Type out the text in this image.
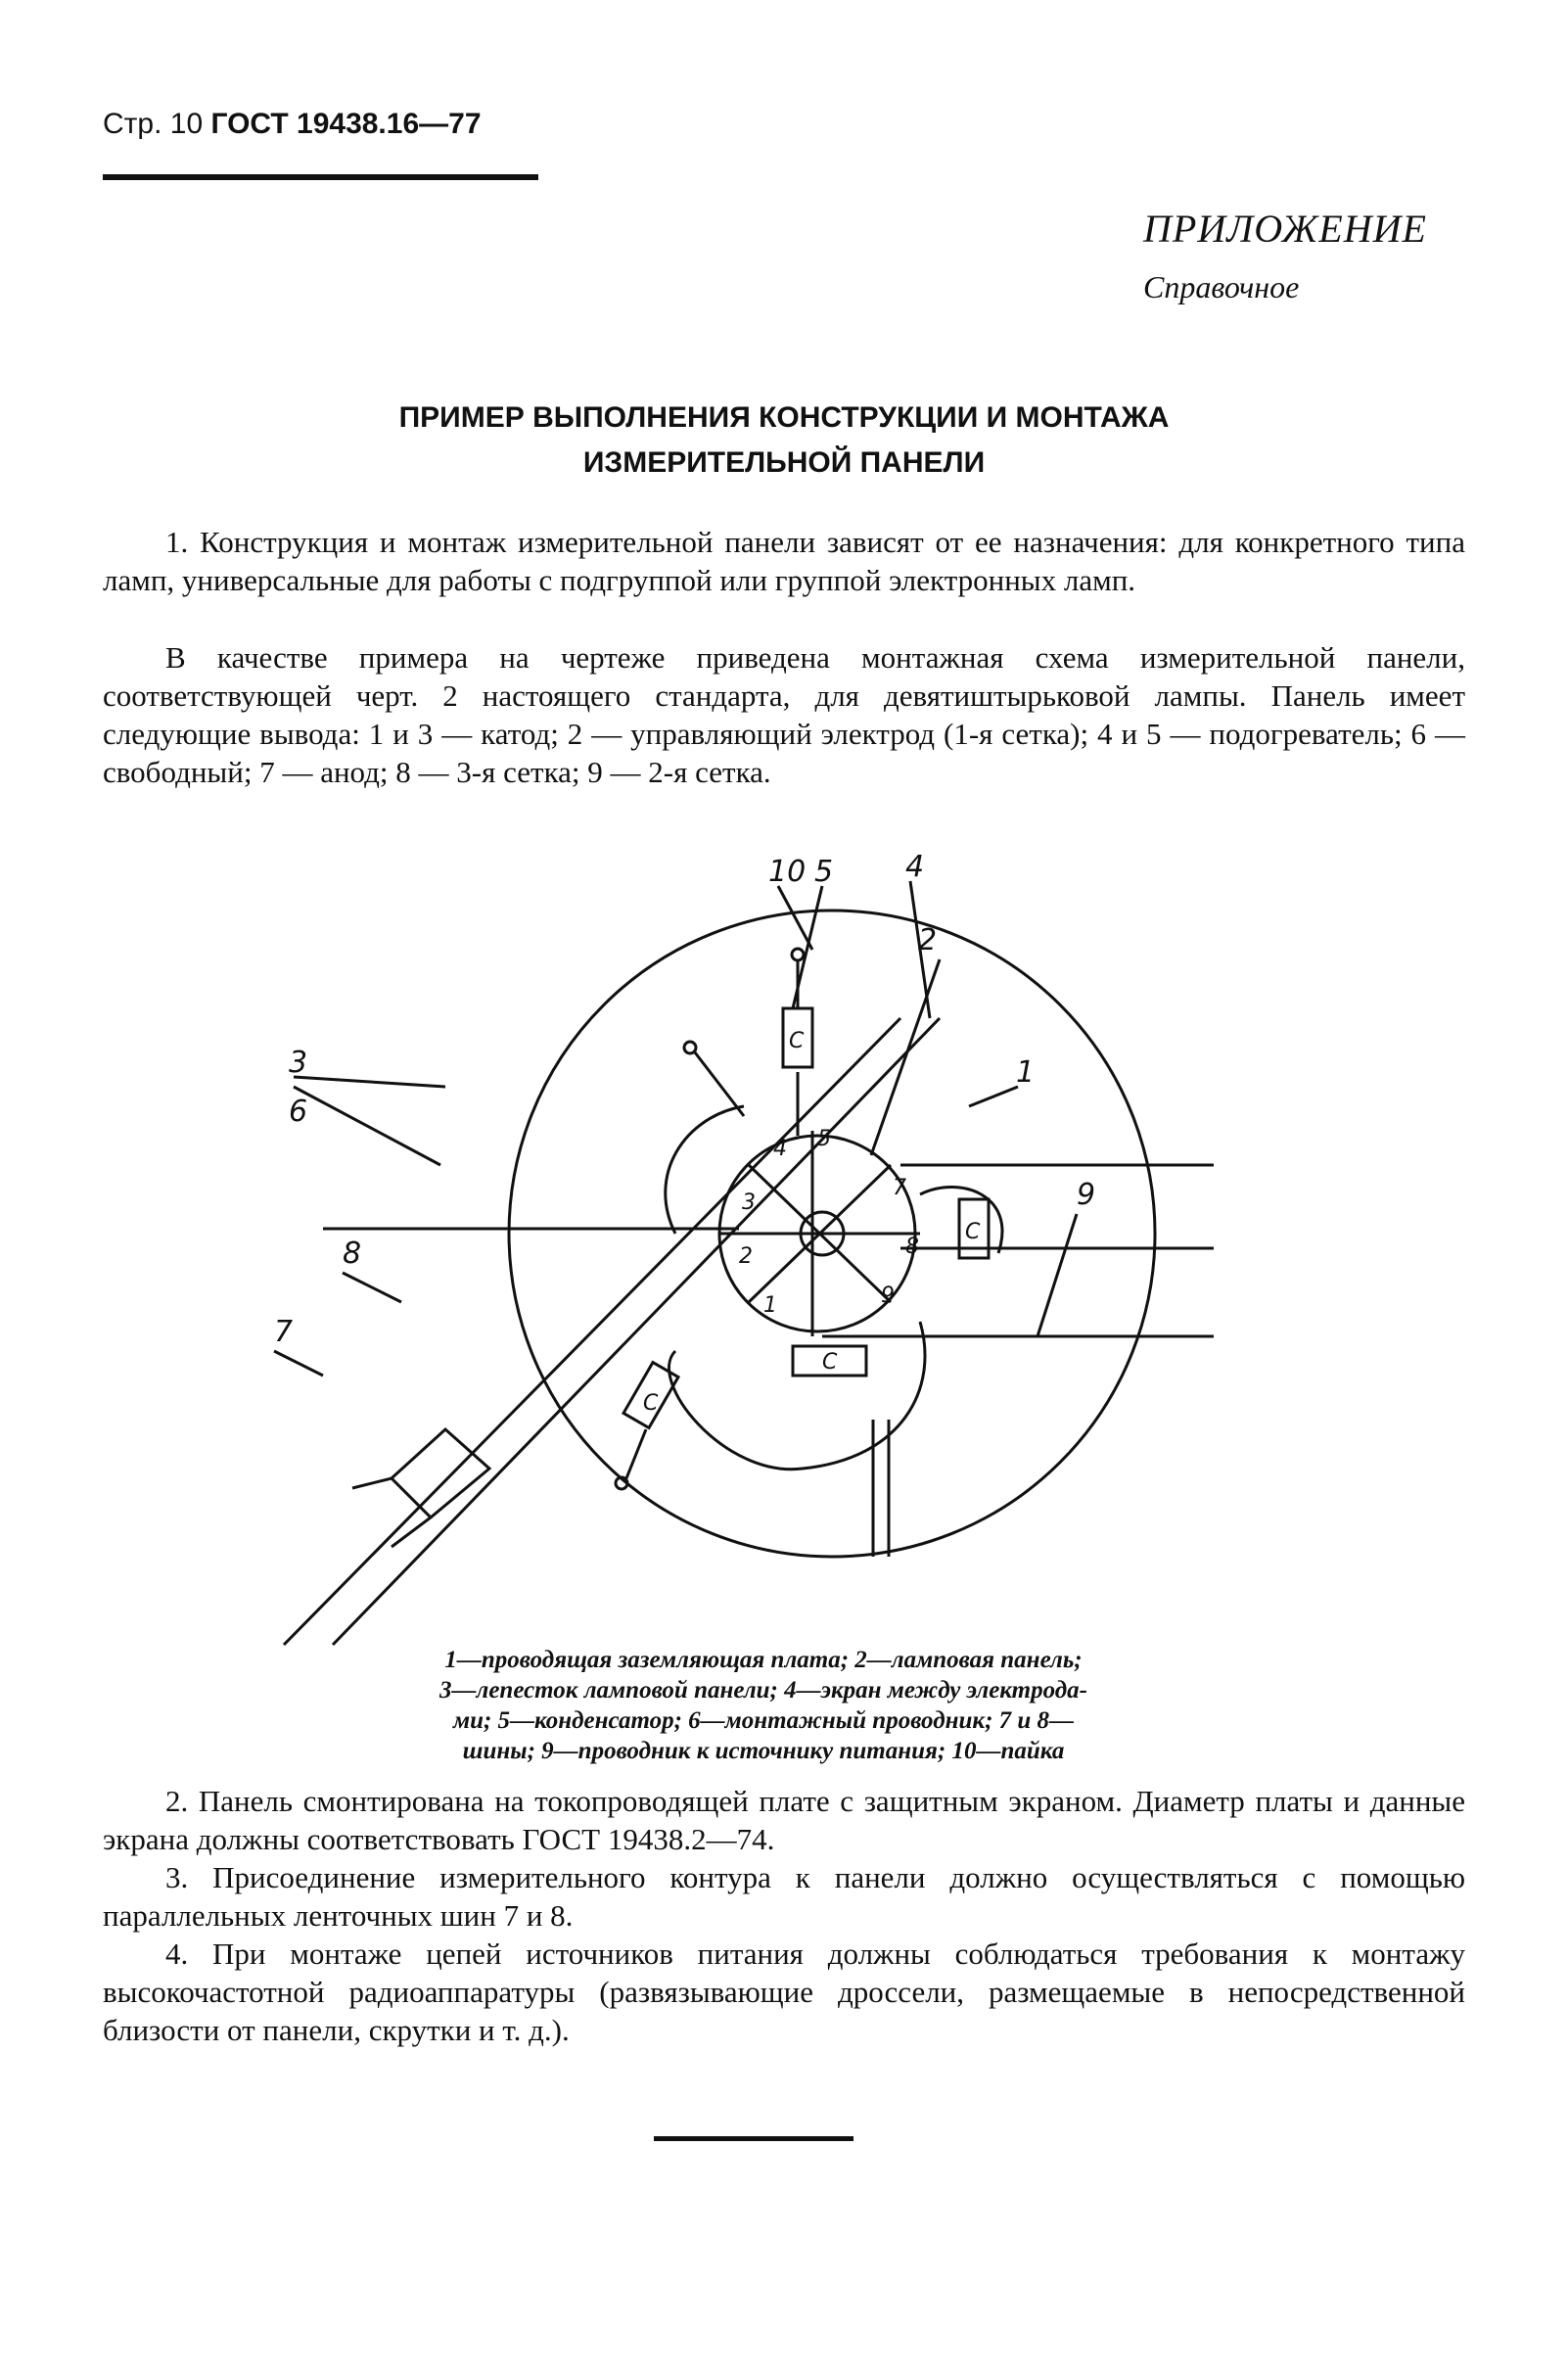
Стр. 10 ГОСТ 19438.16—77
ПРИЛОЖЕНИЕ
Справочное
ПРИМЕР ВЫПОЛНЕНИЯ КОНСТРУКЦИИ И МОНТАЖА
ИЗМЕРИТЕЛЬНОЙ ПАНЕЛИ

1. Конструкция и монтаж измерительной панели зависят от ее назначения: для конкретного типа ламп, универсальные для работы с подгруппой или группой электронных ламп.

В качестве примера на чертеже приведена монтажная схема измерительной панели, соответствующей черт. 2 настоящего стандарта, для девятиштырьковой лампы. Панель имеет следующие вывода: 1 и 3 — катод; 2 — управляющий электрод (1-я сетка); 4 и 5 — подогреватель; 6 — свободный; 7 — анод; 8 — 3-я сетка; 9 — 2-я сетка.

10 5 4
2
1
3
6
9
8
7
1
2
3
4 5
7
8
9
C
C
C
C
1—проводящая заземляющая плата; 2—ламповая панель;
3—лепесток ламповой панели; 4—экран между электрода-
ми; 5—конденсатор; 6—монтажный проводник; 7 и 8—
шины; 9—проводник к источнику питания; 10—пайка

2. Панель смонтирована на токопроводящей плате с защитным экраном. Диаметр платы и данные экрана должны соответствовать ГОСТ 19438.2—74.

3. Присоединение измерительного контура к панели должно осуществляться с помощью параллельных ленточных шин 7 и 8.

4. При монтаже цепей источников питания должны соблюдаться требования к монтажу высокочастотной радиоаппаратуры (развязывающие дроссели, размещаемые в непосредственной близости от панели, скрутки и т. д.).
